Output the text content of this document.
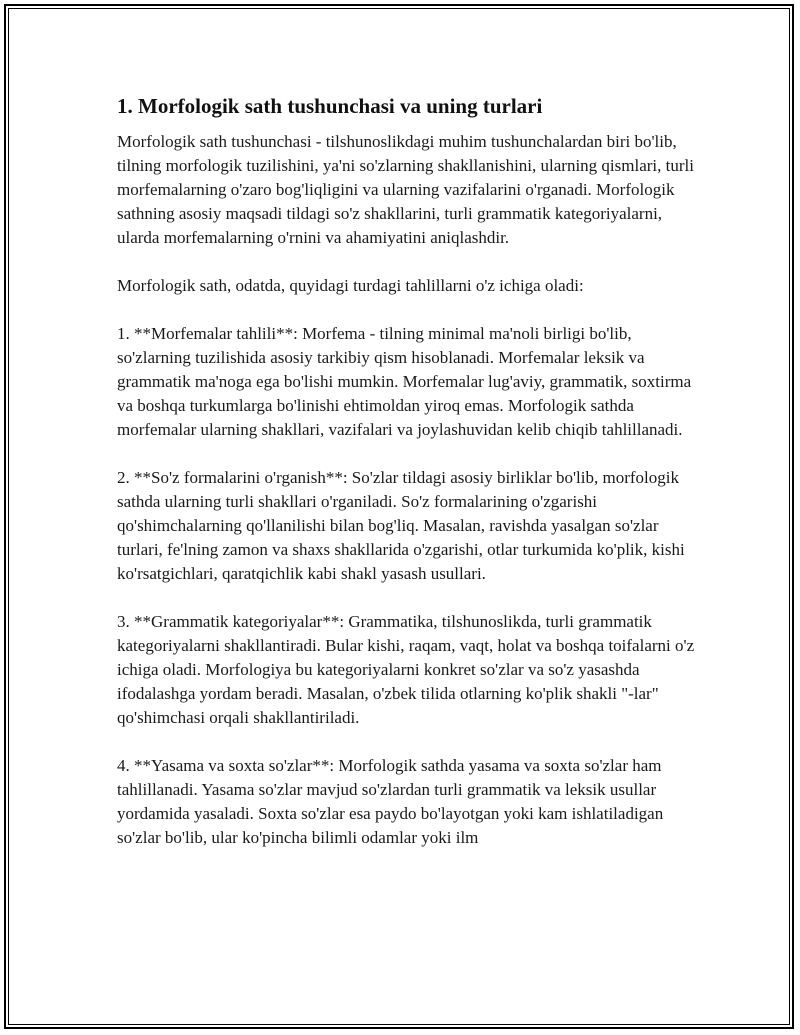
1. Morfologik sath tushunchasi va uning turlari

Morfologik sath tushunchasi - tilshunoslikdagi muhim tushunchalardan biri bo'lib, tilning morfologik tuzilishini, ya'ni so'zlarning shakllanishini, ularning qismlari, turli morfemalarning o'zaro bog'liqligini va ularning vazifalarini o'rganadi. Morfologik sathning asosiy maqsadi tildagi so'z shakllarini, turli grammatik kategoriyalarni, ularda morfemalarning o'rnini va ahamiyatini aniqlashdir.

Morfologik sath, odatda, quyidagi turdagi tahlillarni o'z ichiga oladi:

1. **Morfemalar tahlili**: Morfema - tilning minimal ma'noli birligi bo'lib, so'zlarning tuzilishida asosiy tarkibiy qism hisoblanadi. Morfemalar leksik va grammatik ma'noga ega bo'lishi mumkin. Morfemalar lug'aviy, grammatik, soxtirma va boshqa turkumlarga bo'linishi ehtimoldan yiroq emas. Morfologik sathda morfemalar ularning shakllari, vazifalari va joylashuvidan kelib chiqib tahlillanadi.

2. **So'z formalarini o'rganish**: So'zlar tildagi asosiy birliklar bo'lib, morfologik sathda ularning turli shakllari o'rganiladi. So'z formalarining o'zgarishi qo'shimchalarning qo'llanilishi bilan bog'liq. Masalan, ravishda yasalgan so'zlar turlari, fe'lning zamon va shaxs shakllarida o'zgarishi, otlar turkumida ko'plik, kishi ko'rsatgichlari, qaratqichlik kabi shakl yasash usullari.

3. **Grammatik kategoriyalar**: Grammatika, tilshunoslikda, turli grammatik kategoriyalarni shakllantiradi. Bular kishi, raqam, vaqt, holat va boshqa toifalarni o'z ichiga oladi. Morfologiya bu kategoriyalarni konkret so'zlar va so'z yasashda ifodalashga yordam beradi. Masalan, o'zbek tilida otlarning ko'plik shakli "-lar" qo'shimchasi orqali shakllantiriladi.

4. **Yasama va soxta so'zlar**: Morfologik sathda yasama va soxta so'zlar ham tahlillanadi. Yasama so'zlar mavjud so'zlardan turli grammatik va leksik usullar yordamida yasaladi. Soxta so'zlar esa paydo bo'layotgan yoki kam ishlatiladigan so'zlar bo'lib, ular ko'pincha bilimli odamlar yoki ilm
